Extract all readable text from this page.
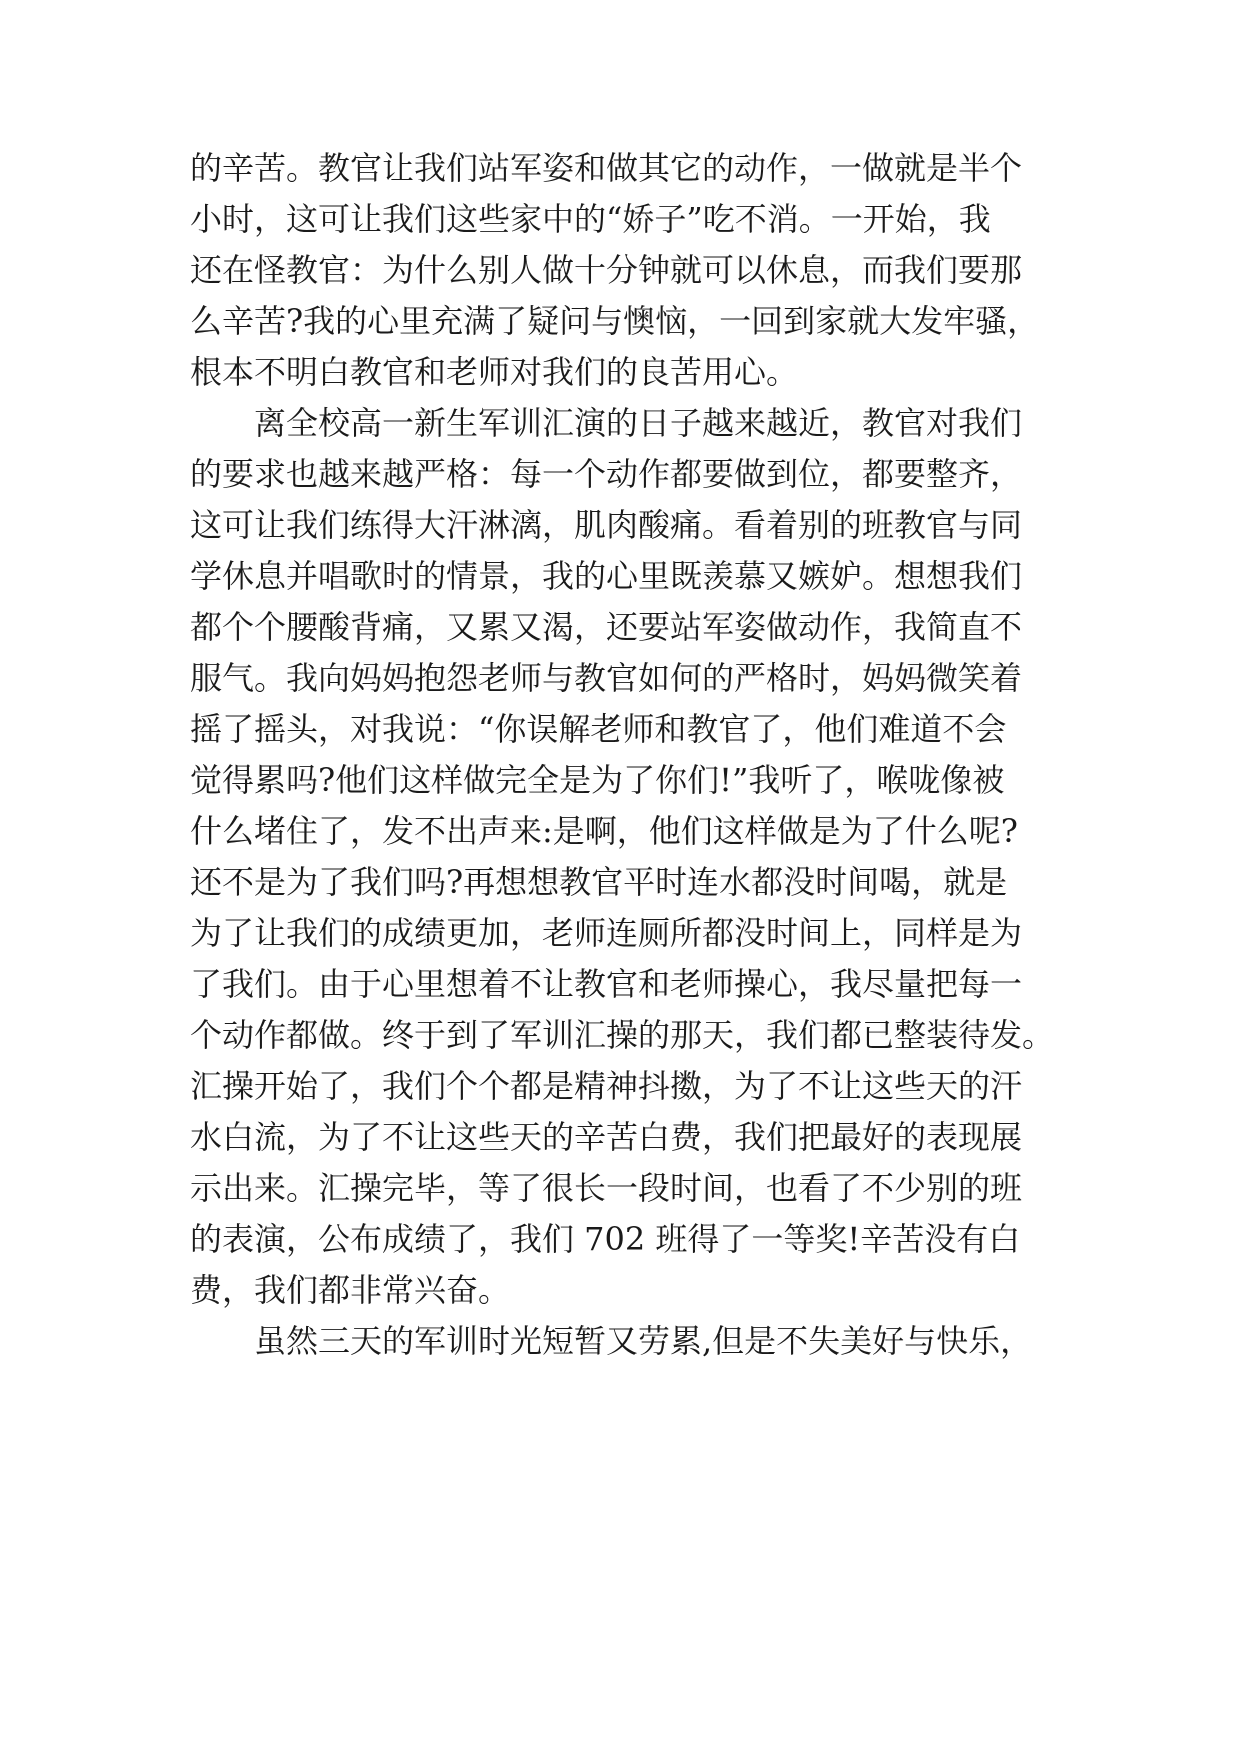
的辛苦。教官让我们站军姿和做其它的动作，一做就是半个
小时，这可让我们这些家中的“娇子”吃不消。一开始，我
还在怪教官：为什么别人做十分钟就可以休息，而我们要那
么辛苦?我的心里充满了疑问与懊恼，一回到家就大发牢骚，
根本不明白教官和老师对我们的良苦用心。
离全校高一新生军训汇演的日子越来越近，教官对我们
的要求也越来越严格：每一个动作都要做到位，都要整齐，
这可让我们练得大汗淋漓，肌肉酸痛。看着别的班教官与同
学休息并唱歌时的情景，我的心里既羡慕又嫉妒。想想我们
都个个腰酸背痛，又累又渴，还要站军姿做动作，我简直不
服气。我向妈妈抱怨老师与教官如何的严格时，妈妈微笑着
摇了摇头，对我说：“你误解老师和教官了，他们难道不会
觉得累吗?他们这样做完全是为了你们!”我听了，喉咙像被
什么堵住了，发不出声来:是啊，他们这样做是为了什么呢?
还不是为了我们吗?再想想教官平时连水都没时间喝，就是
为了让我们的成绩更加，老师连厕所都没时间上，同样是为
了我们。由于心里想着不让教官和老师操心，我尽量把每一
个动作都做。终于到了军训汇操的那天，我们都已整装待发。
汇操开始了，我们个个都是精神抖擞，为了不让这些天的汗
水白流，为了不让这些天的辛苦白费，我们把最好的表现展
示出来。汇操完毕，等了很长一段时间，也看了不少别的班
的表演，公布成绩了，我们 702 班得了一等奖!辛苦没有白
费，我们都非常兴奋。
虽然三天的军训时光短暂又劳累,但是不失美好与快乐，
